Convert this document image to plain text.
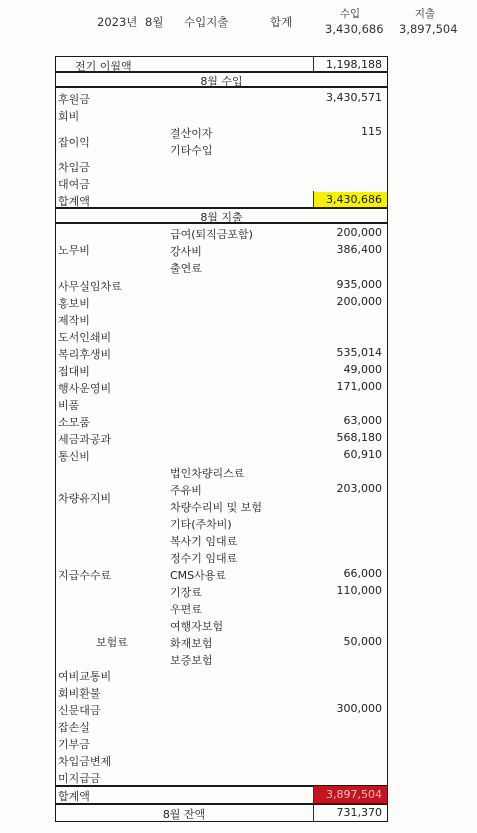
2023년 8월 수입지출	합계
수입	지출
3,430,686 3,897,504
전기 이월액	1,198,188
8월 수입
후원금	3,430,571
회비
잡이익
결산이자	115
기타수입
차입금
대여금
합계액	3,430,686
8월 지출
노무비
급여(퇴직금포함)	200,000
강사비	386,400
출연료
사무실임차료	935,000
홍보비	200,000
제작비
도서인쇄비
복리후생비	535,014
접대비	49,000
행사운영비	171,000
비품
소모품	63,000
세금과공과	568,180
통신비	60,910
차량유지비
법인차량리스료
주유비	203,000
차량수리비 및 보험
기타(주차비)
지급수수료
복사기 임대료
정수기 임대료
CMS사용료	66,000
기장료	110,000
우편료
보험료
여행자보험
화재보험	50,000
보증보험
여비교통비
회비환불
신문대금	300,000
잡손실
기부금
차입금변제
미지급금
합계액	3,897,504
8월 잔액	731,370
